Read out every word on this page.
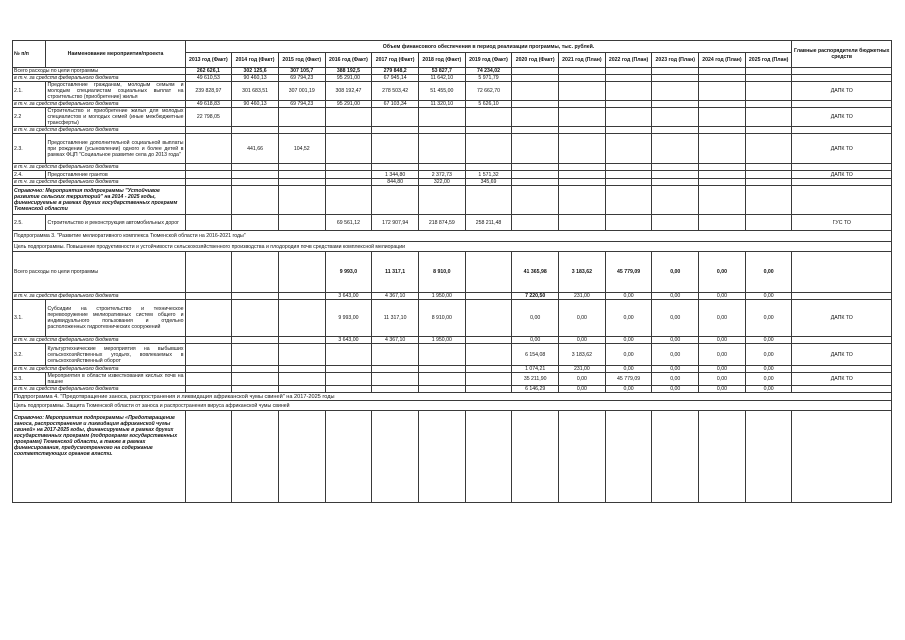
№ п/п	Наименование мероприятия/проекта	Объем финансового обеспечения в период реализации программы, тыс. рублей.													Главные распорядители бюджетных средств
		2013 год (Факт)	2014 год (Факт)	2015 год (Факт)	2016 год (Факт)	2017 год (Факт)	2018 год (Факт)	2019 год (Факт)	2020 год (Факт)	2021 год (План)	2022 год (План)	2023 год (План)	2024 год (План)	2025 год (План)	
Всего расходы по цели программы		262 626,1	302 125,6	307 105,7	388 192,5	279 848,2	53 827,7	74 234,02							
в т.ч. за средств федерального бюджета		49 610,53	90 460,13	69 794,23	95 291,00	67 945,14	11 642,10	5 971,79							
2.1.	Предоставление гражданам, молодым семьям и молодым специалистам социальных выплат на строительство (приобретение) жилья	239 828,97	301 683,51	307 001,19	308 192,47	278 503,42	51 455,00	72 662,70							ДАПК ТО
в т.ч. за средств федерального бюджета		49 618,83	90 460,13	69 794,23	95 291,00	67 103,34	11 320,10	5 626,10							
2.2	Строительство и приобретение жилья для молодых специалистов и молодых семей (иные межбюджетные трансферты)	22 798,05													ДАПК ТО
в т.ч. за средств федерального бюджета															
2.3.	Предоставление дополнительной социальной выплаты при рождении (усыновлении) одного и более детей в рамках ФЦП "Социальное развитие села до 2013 года"		441,66	104,52											ДАПК ТО
в т.ч. за средств федерального бюджета															
2.4.	Предоставление грантов					1 344,80	2 372,73	1 571,32							ДАПК ТО
в т.ч. за средств федерального бюджета						844,80	322,00	345,69							
Справочно: Мероприятия подпрограммы "Устойчивое развитие сельских территорий" на 2014 - 2025 годы, финансируемые в рамках других государственных программ Тюменской области															
2.5.	Строительство и реконструкция автомобильных дорог				69 561,12	172 907,94	218 874,59	258 211,48							ГУС ТО
Подпрограмма 3. "Развитие мелиоративного комплекса Тюменской области на 2016-2021 годы"															
Цель подпрограммы. Повышение продуктивности и устойчивости сельскохозяйственного производства и плодородия почв средствами комплексной мелиорации															
Всего расходы по цели программы					9 993,0	11 317,1	8 910,0		41 365,98	3 183,62	45 779,09	0,00	0,00	0,00	
в т.ч. за средств федерального бюджета					3 643,00	4 367,10	1 950,00		7 220,50	231,00	0,00	0,00	0,00	0,00	
3.1.	Субсидии на строительство и техническое перевооружение мелиоративных систем общего и индивидуального пользования и отдельно расположенных гидротехнических сооружений				9 993,00	11 317,10	8 910,00		0,00	0,00	0,00	0,00	0,00	0,00	ДАПК ТО
в т.ч. за средств федерального бюджета					3 643,00	4 367,10	1 950,00		0,00	0,00	0,00	0,00	0,00	0,00	
3.2.	Культуртехнические мероприятия на выбывших сельскохозяйственных угодьях, вовлекаемых в сельскохозяйственный оборот								6 154,08	3 183,62	0,00	0,00	0,00	0,00	ДАПК ТО
в т.ч. за средств федерального бюджета									1 074,21	231,00	0,00	0,00	0,00	0,00	
3.3.	Мероприятия в области известкования кислых почв на пашне								35 211,90	0,00	45 779,09	0,00	0,00	0,00	ДАПК ТО
в т.ч. за средств федерального бюджета									6 146,29	0,00	0,00	0,00	0,00	0,00	
Подпрограмма 4. "Предотвращение заноса, распространения и ликвидация африканской чумы свиней" на 2017-2025 годы															
Цель подпрограммы. Защита Тюменской области от заноса и распространения вируса африканской чумы свиней															
Справочно: Мероприятия подпрограммы «Предотвращение заноса, распространения и ликвидация африканской чумы свиней» на 2017-2025 годы, финансируемые в рамках других государственных программ (подпрограмм государственных программ) Тюменской области, а также в рамках финансирования, предусмотренного на содержание соответствующих органов власти.															
